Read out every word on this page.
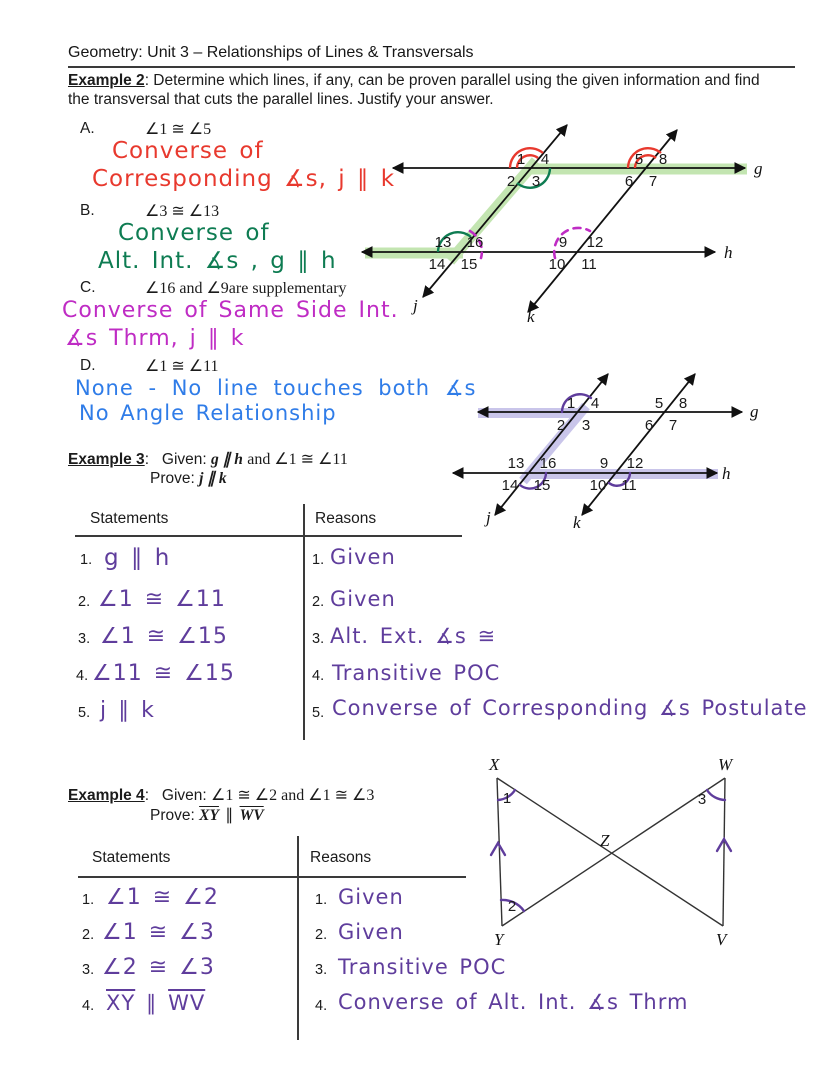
Geometry: Unit 3 – Relationships of Lines & Transversals
Example 2: Determine which lines, if any, can be proven parallel using the given information and find the transversal that cuts the parallel lines. Justify your answer.
A.	∠1 ≅ ∠5
Converse of
Corresponding ∡s, j ∥ k
B.	∠3 ≅ ∠13
Converse of
Alt. Int. ∡s , g ∥ h
C.	∠16 and ∠9are supplementary
Converse of Same Side Int.
∡s Thrm, j ∥ k
D.	∠1 ≅ ∠11
None - No line touches both ∡s
No Angle Relationship
1 4
2 3
5 8
6 7
13 16
14 15
9 12
10 11
g
h
j
k
Example 3: Given: g ∥ h and ∠1 ≅ ∠11
Prove: j ∥ k
1 4
2 3
5 8
6 7
13 16
14 15
9 12
10 11
g
h
j	k
Statements	Reasons
1. g ∥ h	1. Given
2. ∠1 ≅ ∠11	2. Given
3. ∠1 ≅ ∠15	3. Alt. Ext. ∡s ≅
4. ∠11 ≅ ∠15	4. Transitive POC
5. j ∥ k	5. Converse of Corresponding ∡s Postulate
Example 4: Given: ∠1 ≅ ∠2 and ∠1 ≅ ∠3
Prove: $\overline{XY}$ ∥ $\overline{WV}$
1
2
3
X	W
Y	V
Z
Statements	Reasons
1. ∠1 ≅ ∠2	1. Given
2. ∠1 ≅ ∠3	2. Given
3. ∠2 ≅ ∠3	3. Transitive POC
4. $\overline{XY}$ ∥ $\overline{WV}$	4. Converse of Alt. Int. ∡s Thrm
